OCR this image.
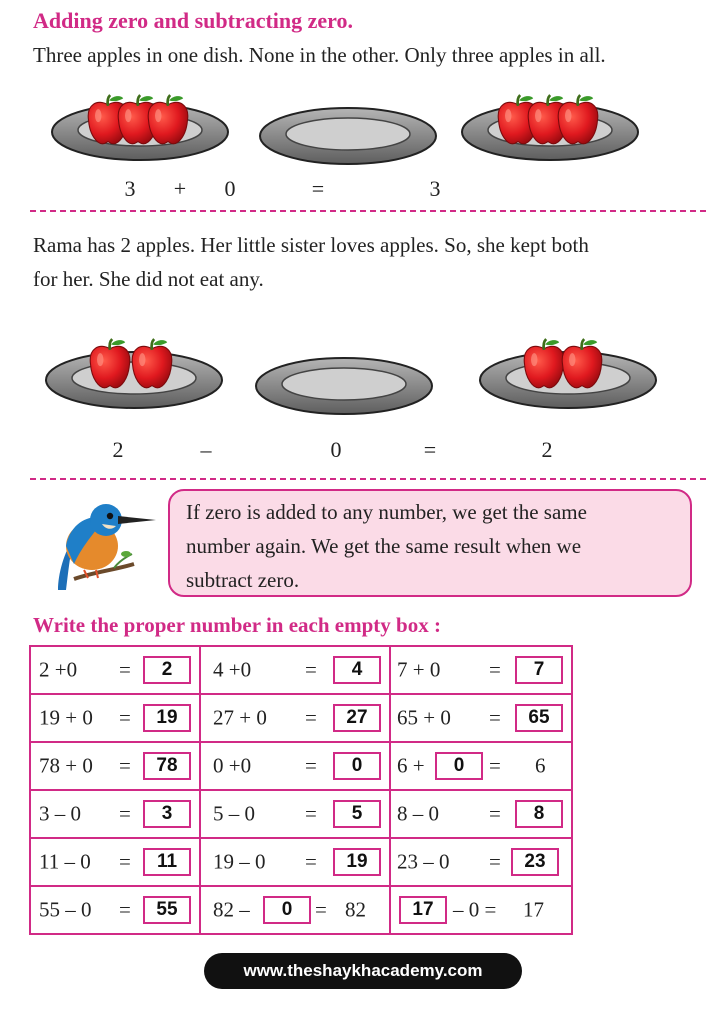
Adding zero and subtracting zero.
Three apples in one dish. None in the other. Only three apples in all.
3	+	0	=	3
Rama has 2 apples. Her little sister loves apples. So, she kept both
for her. She did not eat any.
2	–	0	=	2
If zero is added to any number, we get the same
number again. We get the same result when we
subtract zero.
Write the proper number in each empty box :
2 +0 = 2	4 +0 = 4	7 + 0 = 7

19 + 0 = 19	27 + 0 = 27	65 + 0 = 65

78 + 0 = 78	0 +0 = 0	6 + 0 = 6

3 – 0 = 3	5 – 0 = 5	8 – 0 = 8

11 – 0 = 11	19 – 0 = 19	23 – 0 = 23

55 – 0 = 55	82 – 0 = 82	17 – 0 = 17
www.theshaykhacademy.com
